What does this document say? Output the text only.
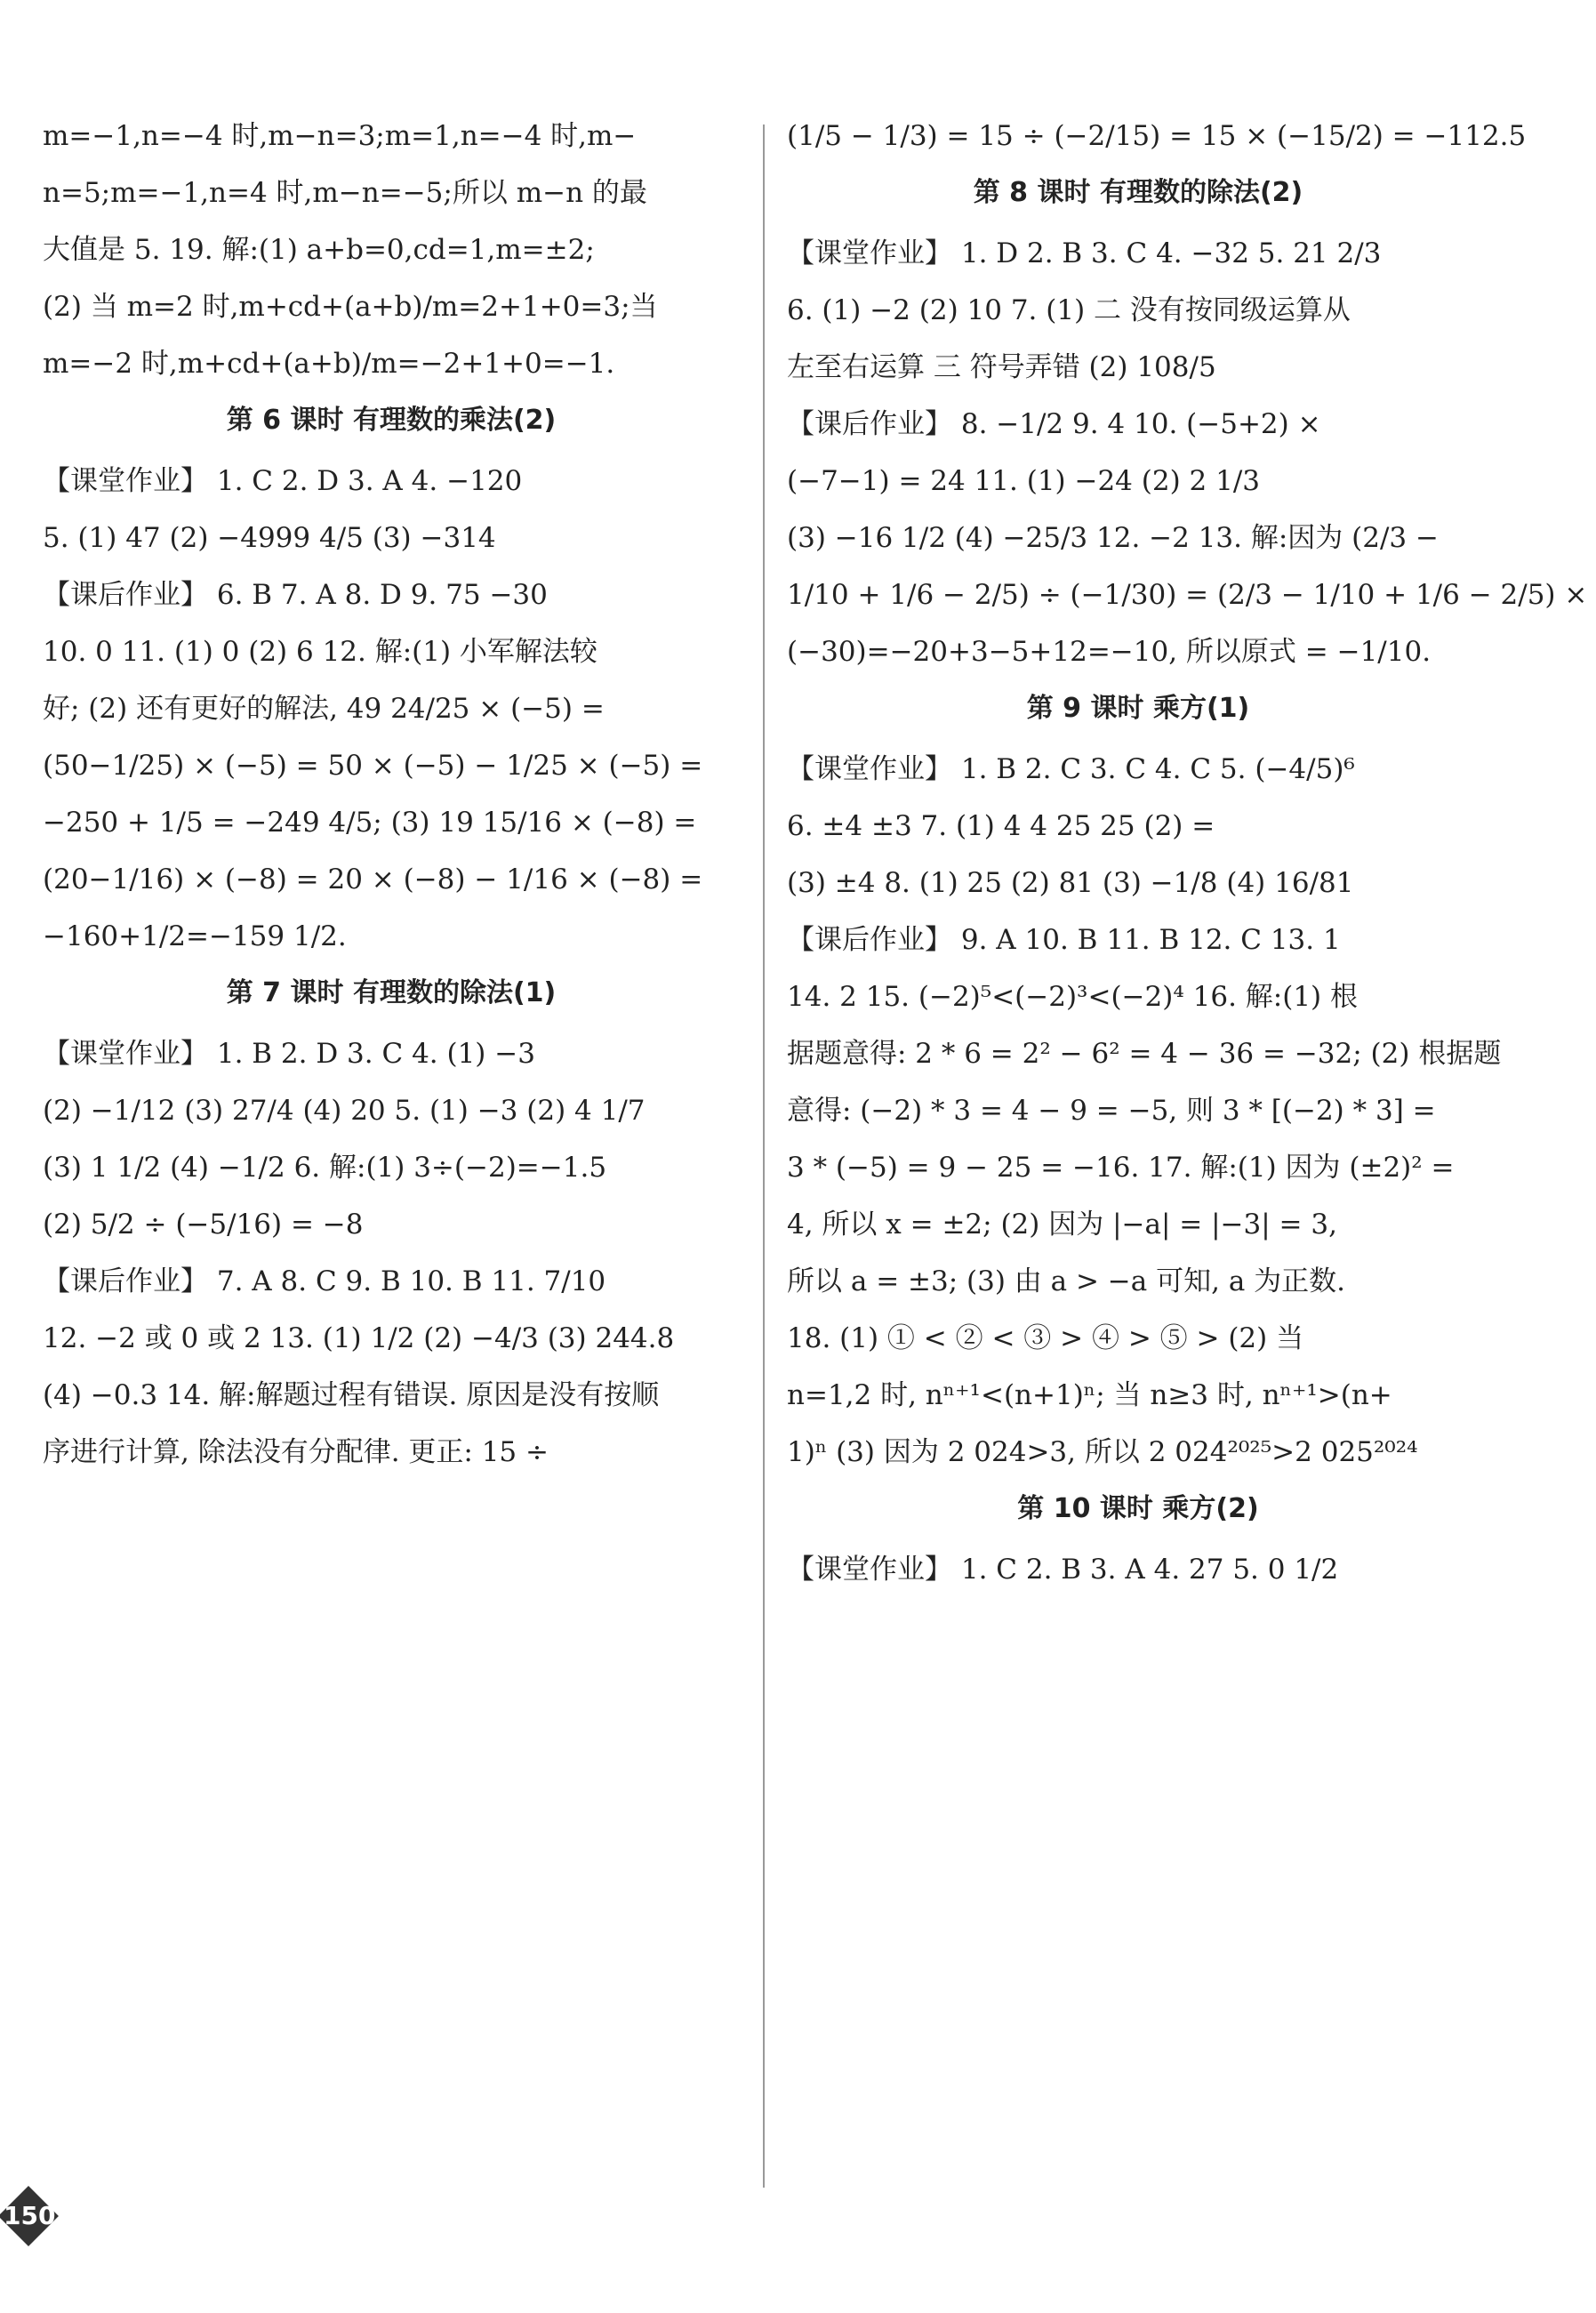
m=−1,n=−4 时,m−n=3;m=1,n=−4 时,m−
n=5;m=−1,n=4 时,m−n=−5;所以 m−n 的最
大值是 5. 19. 解:(1) a+b=0,cd=1,m=±2;
(2) 当 m=2 时,m+cd+(a+b)/m=2+1+0=3;当
m=−2 时,m+cd+(a+b)/m=−2+1+0=−1.
第 6 课时 有理数的乘法(2)
【课堂作业】 1. C 2. D 3. A 4. −120
5. (1) 47 (2) −4999 4/5 (3) −314
【课后作业】 6. B 7. A 8. D 9. 75 −30
10. 0 11. (1) 0 (2) 6 12. 解:(1) 小军解法较
好; (2) 还有更好的解法, 49 24/25 × (−5) =
(50−1/25) × (−5) = 50 × (−5) − 1/25 × (−5) =
−250 + 1/5 = −249 4/5; (3) 19 15/16 × (−8) =
(20−1/16) × (−8) = 20 × (−8) − 1/16 × (−8) =
−160+1/2=−159 1/2.
第 7 课时 有理数的除法(1)
【课堂作业】 1. B 2. D 3. C 4. (1) −3
(2) −1/12 (3) 27/4 (4) 20 5. (1) −3 (2) 4 1/7
(3) 1 1/2 (4) −1/2 6. 解:(1) 3÷(−2)=−1.5
(2) 5/2 ÷ (−5/16) = −8
【课后作业】 7. A 8. C 9. B 10. B 11. 7/10
12. −2 或 0 或 2 13. (1) 1/2 (2) −4/3 (3) 244.8
(4) −0.3 14. 解:解题过程有错误. 原因是没有按顺
序进行计算, 除法没有分配律. 更正: 15 ÷
(1/5 − 1/3) = 15 ÷ (−2/15) = 15 × (−15/2) = −112.5
第 8 课时 有理数的除法(2)
【课堂作业】 1. D 2. B 3. C 4. −32 5. 21 2/3
6. (1) −2 (2) 10 7. (1) 二 没有按同级运算从
左至右运算 三 符号弄错 (2) 108/5
【课后作业】 8. −1/2 9. 4 10. (−5+2) ×
(−7−1) = 24 11. (1) −24 (2) 2 1/3
(3) −16 1/2 (4) −25/3 12. −2 13. 解:因为 (2/3 −
1/10 + 1/6 − 2/5) ÷ (−1/30) = (2/3 − 1/10 + 1/6 − 2/5) ×
(−30)=−20+3−5+12=−10, 所以原式 = −1/10.
第 9 课时 乘方(1)
【课堂作业】 1. B 2. C 3. C 4. C 5. (−4/5)⁶
6. ±4 ±3 7. (1) 4 4 25 25 (2) =
(3) ±4 8. (1) 25 (2) 81 (3) −1/8 (4) 16/81
【课后作业】 9. A 10. B 11. B 12. C 13. 1
14. 2 15. (−2)⁵<(−2)³<(−2)⁴ 16. 解:(1) 根
据题意得: 2 * 6 = 2² − 6² = 4 − 36 = −32; (2) 根据题
意得: (−2) * 3 = 4 − 9 = −5, 则 3 * [(−2) * 3] =
3 * (−5) = 9 − 25 = −16. 17. 解:(1) 因为 (±2)² =
4, 所以 x = ±2; (2) 因为 |−a| = |−3| = 3,
所以 a = ±3; (3) 由 a > −a 可知, a 为正数.
18. (1) ① < ② < ③ > ④ > ⑤ > (2) 当
n=1,2 时, nⁿ⁺¹<(n+1)ⁿ; 当 n≥3 时, nⁿ⁺¹>(n+
1)ⁿ (3) 因为 2 024>3, 所以 2 024²⁰²⁵>2 025²⁰²⁴
第 10 课时 乘方(2)
【课堂作业】 1. C 2. B 3. A 4. 27 5. 0 1/2
150
